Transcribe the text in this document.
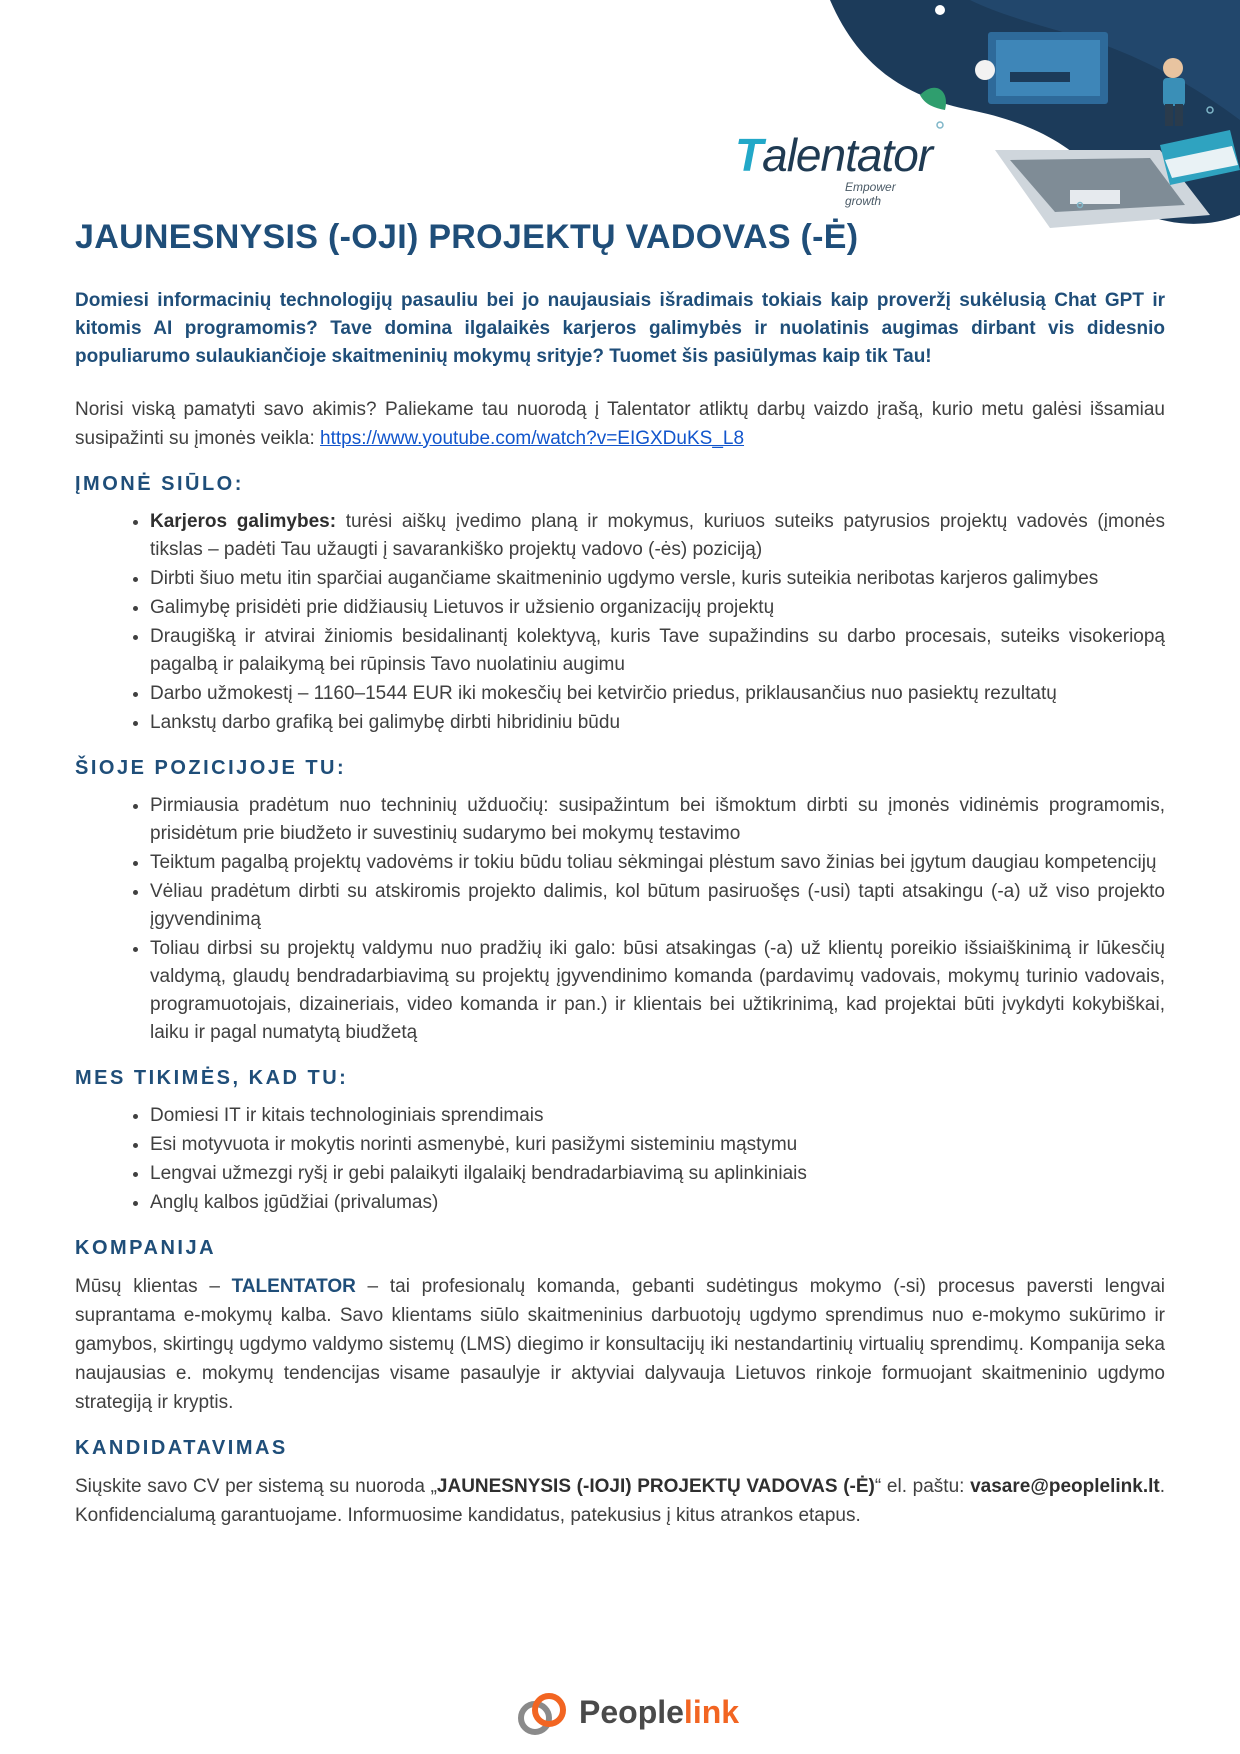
Talentator
Empower growth
JAUNESNYSIS (-OJI) PROJEKTŲ VADOVAS (-Ė)

Domiesi informacinių technologijų pasauliu bei jo naujausiais išradimais tokiais kaip proveržį sukėlusią Chat GPT ir kitomis AI programomis? Tave domina ilgalaikės karjeros galimybės ir nuolatinis augimas dirbant vis didesnio populiarumo sulaukiančioje skaitmeninių mokymų srityje? Tuomet šis pasiūlymas kaip tik Tau!

Norisi viską pamatyti savo akimis? Paliekame tau nuorodą į Talentator atliktų darbų vaizdo įrašą, kurio metu galėsi išsamiau susipažinti su įmonės veikla: https://www.youtube.com/watch?v=EIGXDuKS_L8

ĮMONĖ SIŪLO:
• Karjeros galimybes: turėsi aiškų įvedimo planą ir mokymus, kuriuos suteiks patyrusios projektų vadovės (įmonės tikslas – padėti Tau užaugti į savarankiško projektų vadovo (-ės) poziciją)
• Dirbti šiuo metu itin sparčiai augančiame skaitmeninio ugdymo versle, kuris suteikia neribotas karjeros galimybes
• Galimybę prisidėti prie didžiausių Lietuvos ir užsienio organizacijų projektų
• Draugišką ir atvirai žiniomis besidalinantį kolektyvą, kuris Tave supažindins su darbo procesais, suteiks visokeriopą pagalbą ir palaikymą bei rūpinsis Tavo nuolatiniu augimu
• Darbo užmokestį – 1160–1544 EUR iki mokesčių bei ketvirčio priedus, priklausančius nuo pasiektų rezultatų
• Lankstų darbo grafiką bei galimybę dirbti hibridiniu būdu
ŠIOJE POZICIJOJE TU:
• Pirmiausia pradėtum nuo techninių užduočių: susipažintum bei išmoktum dirbti su įmonės vidinėmis programomis, prisidėtum prie biudžeto ir suvestinių sudarymo bei mokymų testavimo
• Teiktum pagalbą projektų vadovėms ir tokiu būdu toliau sėkmingai plėstum savo žinias bei įgytum daugiau kompetencijų
• Vėliau pradėtum dirbti su atskiromis projekto dalimis, kol būtum pasiruošęs (-usi) tapti atsakingu (-a) už viso projekto įgyvendinimą
• Toliau dirbsi su projektų valdymu nuo pradžių iki galo: būsi atsakingas (-a) už klientų poreikio išsiaiškinimą ir lūkesčių valdymą, glaudų bendradarbiavimą su projektų įgyvendinimo komanda (pardavimų vadovais, mokymų turinio vadovais, programuotojais, dizaineriais, video komanda ir pan.) ir klientais bei užtikrinimą, kad projektai būti įvykdyti kokybiškai, laiku ir pagal numatytą biudžetą
MES TIKIMĖS, KAD TU:
• Domiesi IT ir kitais technologiniais sprendimais
• Esi motyvuota ir mokytis norinti asmenybė, kuri pasižymi sisteminiu mąstymu
• Lengvai užmezgi ryšį ir gebi palaikyti ilgalaikį bendradarbiavimą su aplinkiniais
• Anglų kalbos įgūdžiai (privalumas)
KOMPANIJA

Mūsų klientas – TALENTATOR – tai profesionalų komanda, gebanti sudėtingus mokymo (-si) procesus paversti lengvai suprantama e-mokymų kalba. Savo klientams siūlo skaitmeninius darbuotojų ugdymo sprendimus nuo e-mokymo sukūrimo ir gamybos, skirtingų ugdymo valdymo sistemų (LMS) diegimo ir konsultacijų iki nestandartinių virtualių sprendimų. Kompanija seka naujausias e. mokymų tendencijas visame pasaulyje ir aktyviai dalyvauja Lietuvos rinkoje formuojant skaitmeninio ugdymo strategiją ir kryptis.

KANDIDATAVIMAS

Siųskite savo CV per sistemą su nuoroda „JAUNESNYSIS (-IOJI) PROJEKTŲ VADOVAS (-Ė)“ el. paštu: vasare@peoplelink.lt. Konfidencialumą garantuojame. Informuosime kandidatus, patekusius į kitus atrankos etapus.

Peoplelink
